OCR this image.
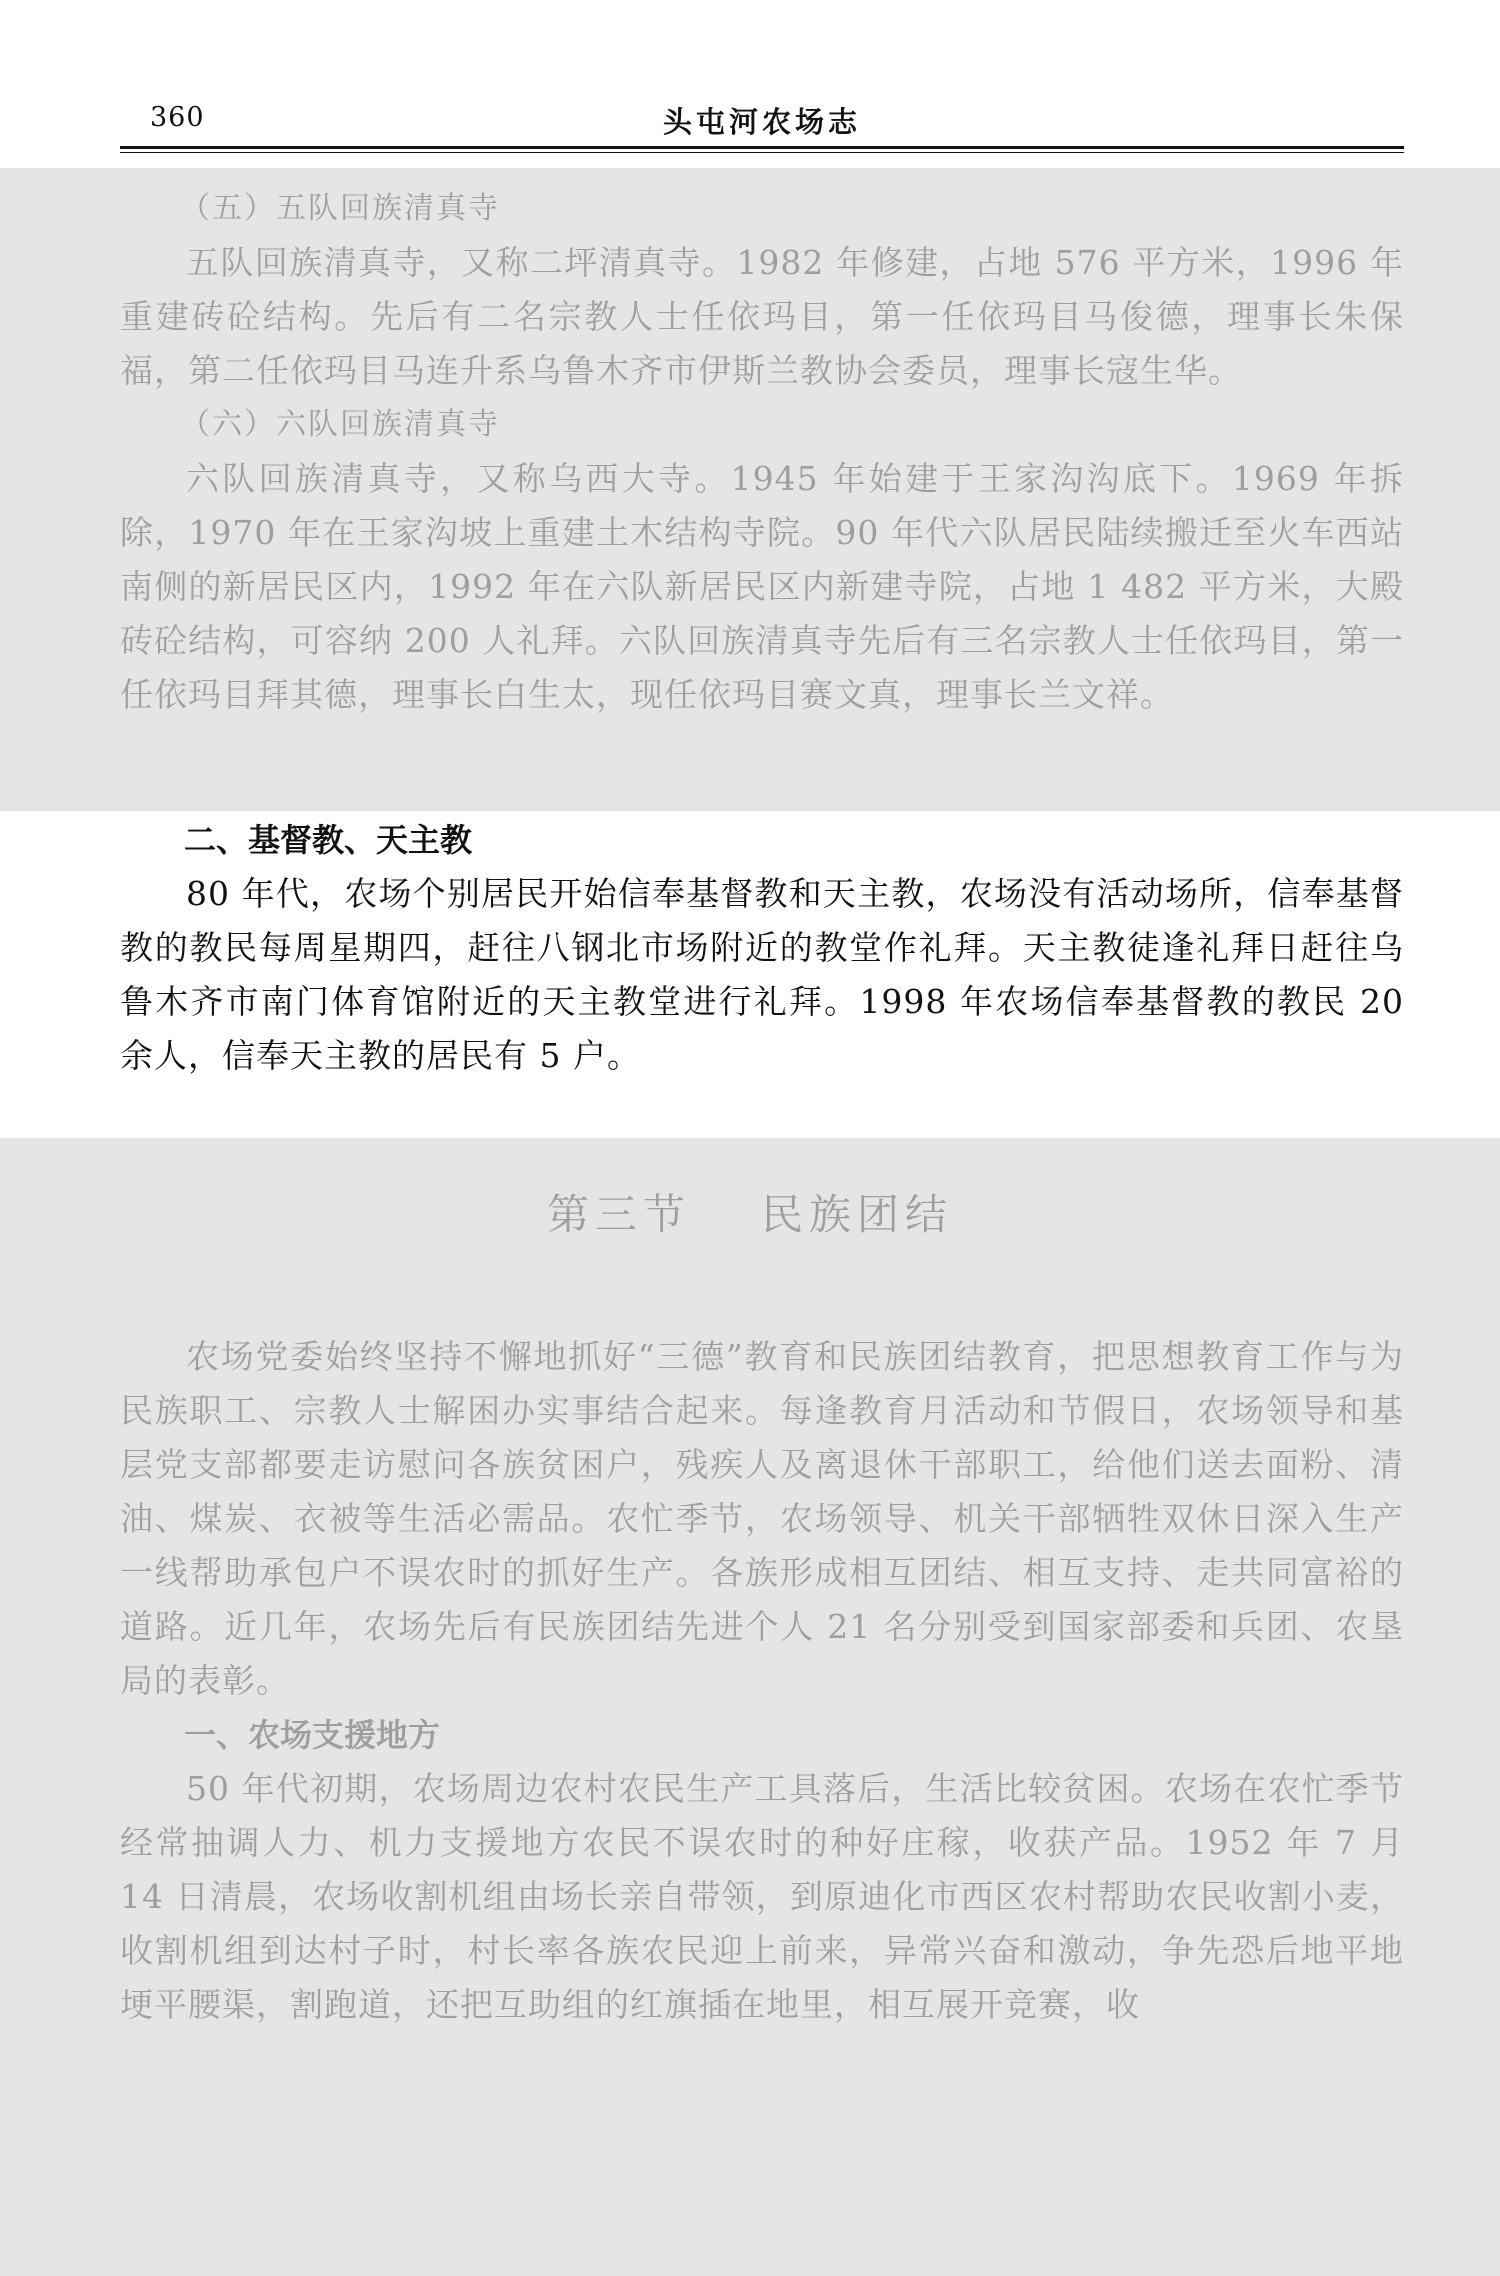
360	头屯河农场志

（五）五队回族清真寺

五队回族清真寺，又称二坪清真寺。1982 年修建，占地 576 平方米，1996 年重建砖砼结构。先后有二名宗教人士任依玛目，第一任依玛目马俊德，理事长朱保福，第二任依玛目马连升系乌鲁木齐市伊斯兰教协会委员，理事长寇生华。

（六）六队回族清真寺

六队回族清真寺，又称乌西大寺。1945 年始建于王家沟沟底下。1969 年拆除，1970 年在王家沟坡上重建土木结构寺院。90 年代六队居民陆续搬迁至火车西站南侧的新居民区内，1992 年在六队新居民区内新建寺院，占地 1 482 平方米，大殿砖砼结构，可容纳 200 人礼拜。六队回族清真寺先后有三名宗教人士任依玛目，第一任依玛目拜其德，理事长白生太，现任依玛目赛文真，理事长兰文祥。

二、基督教、天主教

80 年代，农场个别居民开始信奉基督教和天主教，农场没有活动场所，信奉基督教的教民每周星期四，赶往八钢北市场附近的教堂作礼拜。天主教徒逢礼拜日赶往乌鲁木齐市南门体育馆附近的天主教堂进行礼拜。1998 年农场信奉基督教的教民 20 余人，信奉天主教的居民有 5 户。

第三节 民族团结

农场党委始终坚持不懈地抓好“三德”教育和民族团结教育，把思想教育工作与为民族职工、宗教人士解困办实事结合起来。每逢教育月活动和节假日，农场领导和基层党支部都要走访慰问各族贫困户，残疾人及离退休干部职工，给他们送去面粉、清油、煤炭、衣被等生活必需品。农忙季节，农场领导、机关干部牺牲双休日深入生产一线帮助承包户不误农时的抓好生产。各族形成相互团结、相互支持、走共同富裕的道路。近几年，农场先后有民族团结先进个人 21 名分别受到国家部委和兵团、农垦局的表彰。

一、农场支援地方

50 年代初期，农场周边农村农民生产工具落后，生活比较贫困。农场在农忙季节经常抽调人力、机力支援地方农民不误农时的种好庄稼，收获产品。1952 年 7 月 14 日清晨，农场收割机组由场长亲自带领，到原迪化市西区农村帮助农民收割小麦，收割机组到达村子时，村长率各族农民迎上前来，异常兴奋和激动，争先恐后地平地埂平腰渠，割跑道，还把互助组的红旗插在地里，相互展开竞赛，收
